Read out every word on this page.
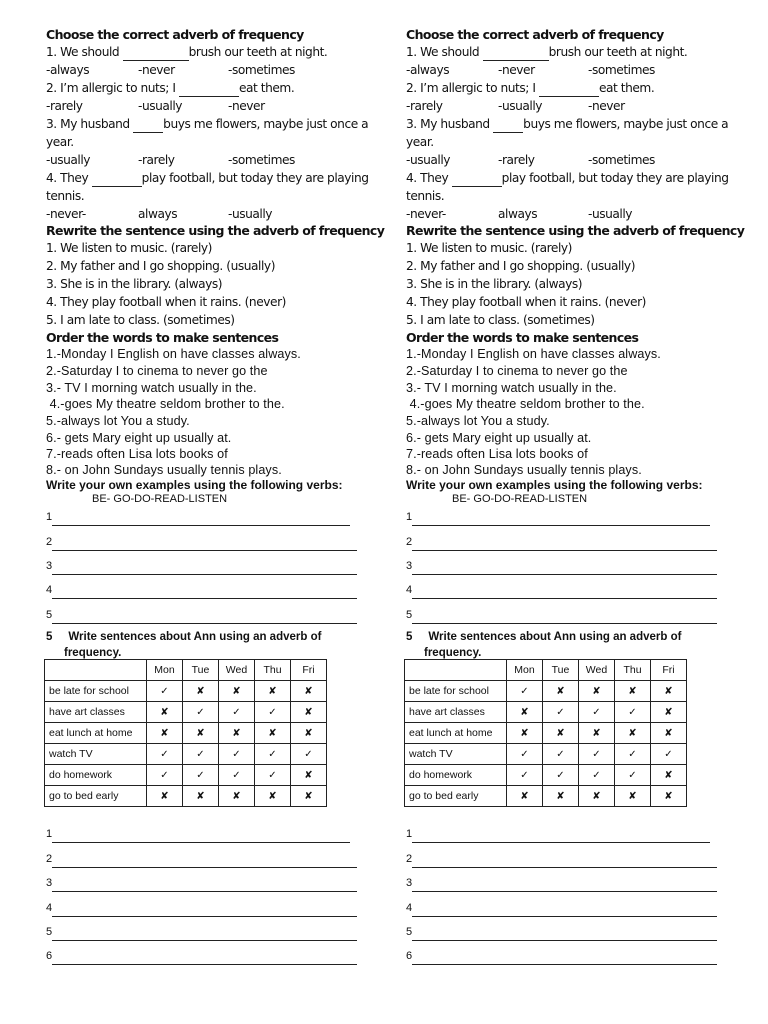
Choose the correct adverb of frequency
1. We should	brush our teeth at night.
-always	-never	-sometimes
2. I’m allergic to nuts; I	eat them.
-rarely	-usually	-never
3. My husband buys me flowers, maybe just once a
year.
-usually	-rarely	-sometimes
4. They	play football, but today they are playing
tennis.
-never-	always	-usually
Rewrite the sentence using the adverb of frequency
1. We listen to music. (rarely)
2. My father and I go shopping. (usually)
3. She is in the library. (always)
4. They play football when it rains. (never)
5. I am late to class. (sometimes)
Order the words to make sentences
1.-Monday I English on have classes always.
2.-Saturday I to cinema to never go the
3.- TV I morning watch usually in the.
4.-goes My theatre seldom brother to the.
5.-always lot You a study.
6.- gets Mary eight up usually at.
7.-reads often Lisa lots books of
8.- on John Sundays usually tennis plays.
Write your own examples using the following verbs:
BE- GO-DO-READ-LISTEN
1
2
3
4
5
5 Write sentences about Ann using an adverb of
frequency.
	Mon	Tue	Wed	Thu	Fri
be late for school	✓	✘	✘	✘	✘
have art classes	✘	✓	✓	✓	✘
eat lunch at home	✘	✘	✘	✘	✘
watch TV	✓	✓	✓	✓	✓
do homework	✓	✓	✓	✓	✘
go to bed early	✘	✘	✘	✘	✘
1
2
3
4
5
6
Choose the correct adverb of frequency
1. We should	brush our teeth at night.
-always	-never	-sometimes
2. I’m allergic to nuts; I	eat them.
-rarely	-usually	-never
3. My husband buys me flowers, maybe just once a
year.
-usually	-rarely	-sometimes
4. They	play football, but today they are playing
tennis.
-never-	always	-usually
Rewrite the sentence using the adverb of frequency
1. We listen to music. (rarely)
2. My father and I go shopping. (usually)
3. She is in the library. (always)
4. They play football when it rains. (never)
5. I am late to class. (sometimes)
Order the words to make sentences
1.-Monday I English on have classes always.
2.-Saturday I to cinema to never go the
3.- TV I morning watch usually in the.
4.-goes My theatre seldom brother to the.
5.-always lot You a study.
6.- gets Mary eight up usually at.
7.-reads often Lisa lots books of
8.- on John Sundays usually tennis plays.
Write your own examples using the following verbs:
BE- GO-DO-READ-LISTEN
1
2
3
4
5
5 Write sentences about Ann using an adverb of
frequency.
	Mon	Tue	Wed	Thu	Fri
be late for school	✓	✘	✘	✘	✘
have art classes	✘	✓	✓	✓	✘
eat lunch at home	✘	✘	✘	✘	✘
watch TV	✓	✓	✓	✓	✓
do homework	✓	✓	✓	✓	✘
go to bed early	✘	✘	✘	✘	✘
1
2
3
4
5
6
